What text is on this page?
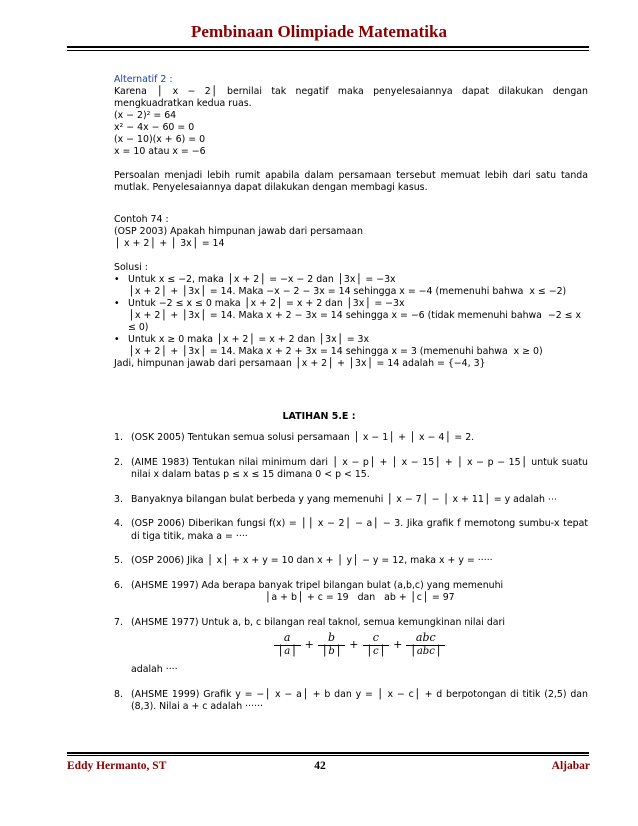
Pembinaan Olimpiade Matematika

Alternatif 2 :

Karena ⎪ x − 2⎪ bernilai tak negatif maka penyelesaiannya dapat dilakukan dengan mengkuadratkan kedua ruas.

(x − 2)² = 64

x² − 4x − 60 = 0

(x − 10)(x + 6) = 0

x = 10 atau x = −6

Persoalan menjadi lebih rumit apabila dalam persamaan tersebut memuat lebih dari satu tanda mutlak. Penyelesaiannya dapat dilakukan dengan membagi kasus.

Contoh 74 :

(OSP 2003) Apakah himpunan jawab dari persamaan

⎪ x + 2⎪ + ⎪ 3x⎪ = 14

Solusi :

• Untuk x ≤ −2, maka ⎪x + 2⎪ = −x − 2 dan ⎪3x⎪ = −3x

⎪x + 2⎪ + ⎪3x⎪ = 14. Maka −x − 2 − 3x = 14 sehingga x = −4 (memenuhi bahwa  x ≤ −2)

• Untuk −2 ≤ x ≤ 0 maka ⎪x + 2⎪ = x + 2 dan ⎪3x⎪ = −3x

⎪x + 2⎪ + ⎪3x⎪ = 14. Maka x + 2 − 3x = 14 sehingga x = −6 (tidak memenuhi bahwa  −2 ≤ x ≤ 0)

• Untuk x ≥ 0 maka ⎪x + 2⎪ = x + 2 dan ⎪3x⎪ = 3x

⎪x + 2⎪ + ⎪3x⎪ = 14. Maka x + 2 + 3x = 14 sehingga x = 3 (memenuhi bahwa  x ≥ 0)

Jadi, himpunan jawab dari persamaan ⎪x + 2⎪ + ⎪3x⎪ = 14 adalah = {−4, 3}

LATIHAN 5.E :
1. (OSK 2005) Tentukan semua solusi persamaan ⎪ x − 1⎪ + ⎪ x − 4⎪ = 2.

2. (AIME 1983) Tentukan nilai minimum dari ⎪ x − p⎪ + ⎪ x − 15⎪ + ⎪ x − p − 15⎪ untuk suatu nilai x dalam batas p ≤ x ≤ 15 dimana 0 < p < 15.

3. Banyaknya bilangan bulat berbeda y yang memenuhi ⎪ x − 7⎪ − ⎪ x + 11⎪ = y adalah ⋯

4. (OSP 2006) Diberikan fungsi f(x) = ⎪⎪ x − 2⎪ − a⎪ − 3. Jika grafik f memotong sumbu-x tepat di tiga titik, maka a = ····

5. (OSP 2006) Jika ⎪ x⎪ + x + y = 10 dan x + ⎪ y⎪ − y = 12, maka x + y = ·····

6. (AHSME 1997) Ada berapa banyak tripel bilangan bulat (a,b,c) yang memenuhi

⎪a + b⎪ + c = 19   dan   ab + ⎪c⎪ = 97

7. (AHSME 1977) Untuk a, b, c bilangan real taknol, semua kemungkinan nilai dari

$\frac{a}{⎪a⎪} + \frac{b}{⎪b⎪} + \frac{c}{⎪c⎪} + \frac{\text{abc}}{\text{⎪abc⎪}}$

adalah ····

8. (AHSME 1999) Grafik y = −⎪ x − a⎪ + b dan y = ⎪ x − c⎪ + d berpotongan di titik (2,5) dan (8,3). Nilai a + c adalah ······

Eddy Hermanto, ST	42	Aljabar
